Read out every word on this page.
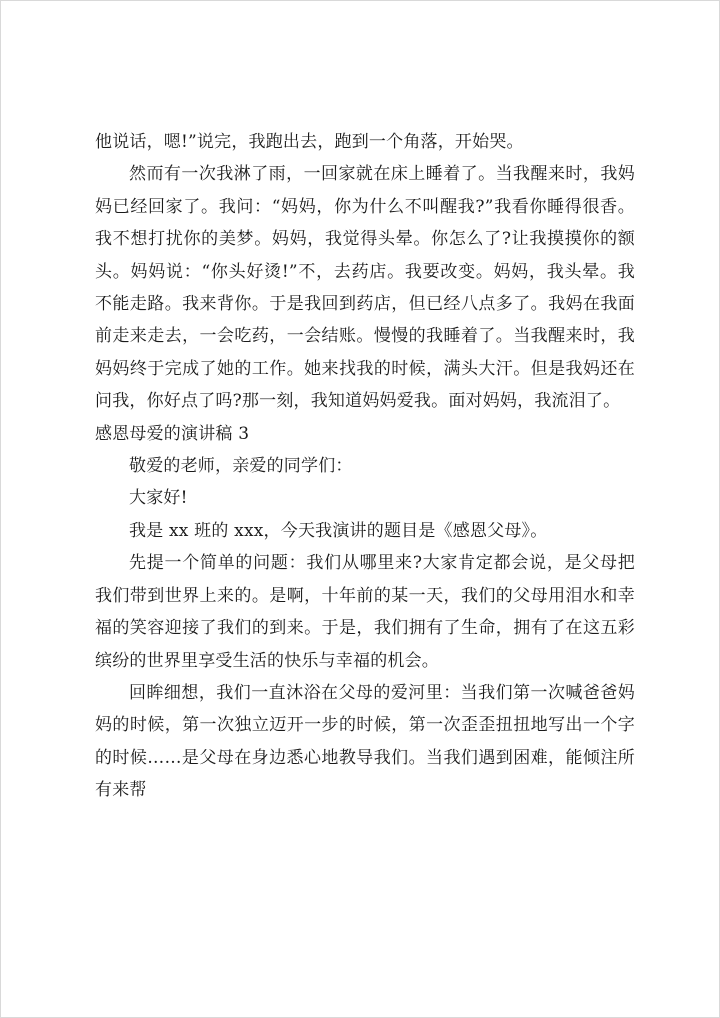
他说话，嗯!”说完，我跑出去，跑到一个角落，开始哭。

然而有一次我淋了雨，一回家就在床上睡着了。当我醒来时，我妈妈已经回家了。我问：“妈妈，你为什么不叫醒我?”我看你睡得很香。我不想打扰你的美梦。妈妈，我觉得头晕。你怎么了?让我摸摸你的额头。妈妈说：“你头好烫!”不，去药店。我要改变。妈妈，我头晕。我不能走路。我来背你。于是我回到药店，但已经八点多了。我妈在我面前走来走去，一会吃药，一会结账。慢慢的我睡着了。当我醒来时，我妈妈终于完成了她的工作。她来找我的时候，满头大汗。但是我妈还在问我，你好点了吗?那一刻，我知道妈妈爱我。面对妈妈，我流泪了。

感恩母爱的演讲稿 3

敬爱的老师，亲爱的同学们：

大家好!

我是 xx 班的 xxx，今天我演讲的题目是《感恩父母》。

先提一个简单的问题：我们从哪里来?大家肯定都会说，是父母把我们带到世界上来的。是啊，十年前的某一天，我们的父母用泪水和幸福的笑容迎接了我们的到来。于是，我们拥有了生命，拥有了在这五彩缤纷的世界里享受生活的快乐与幸福的机会。

回眸细想，我们一直沐浴在父母的爱河里：当我们第一次喊爸爸妈妈的时候，第一次独立迈开一步的时候，第一次歪歪扭扭地写出一个字的时候……是父母在身边悉心地教导我们。当我们遇到困难，能倾注所有来帮
